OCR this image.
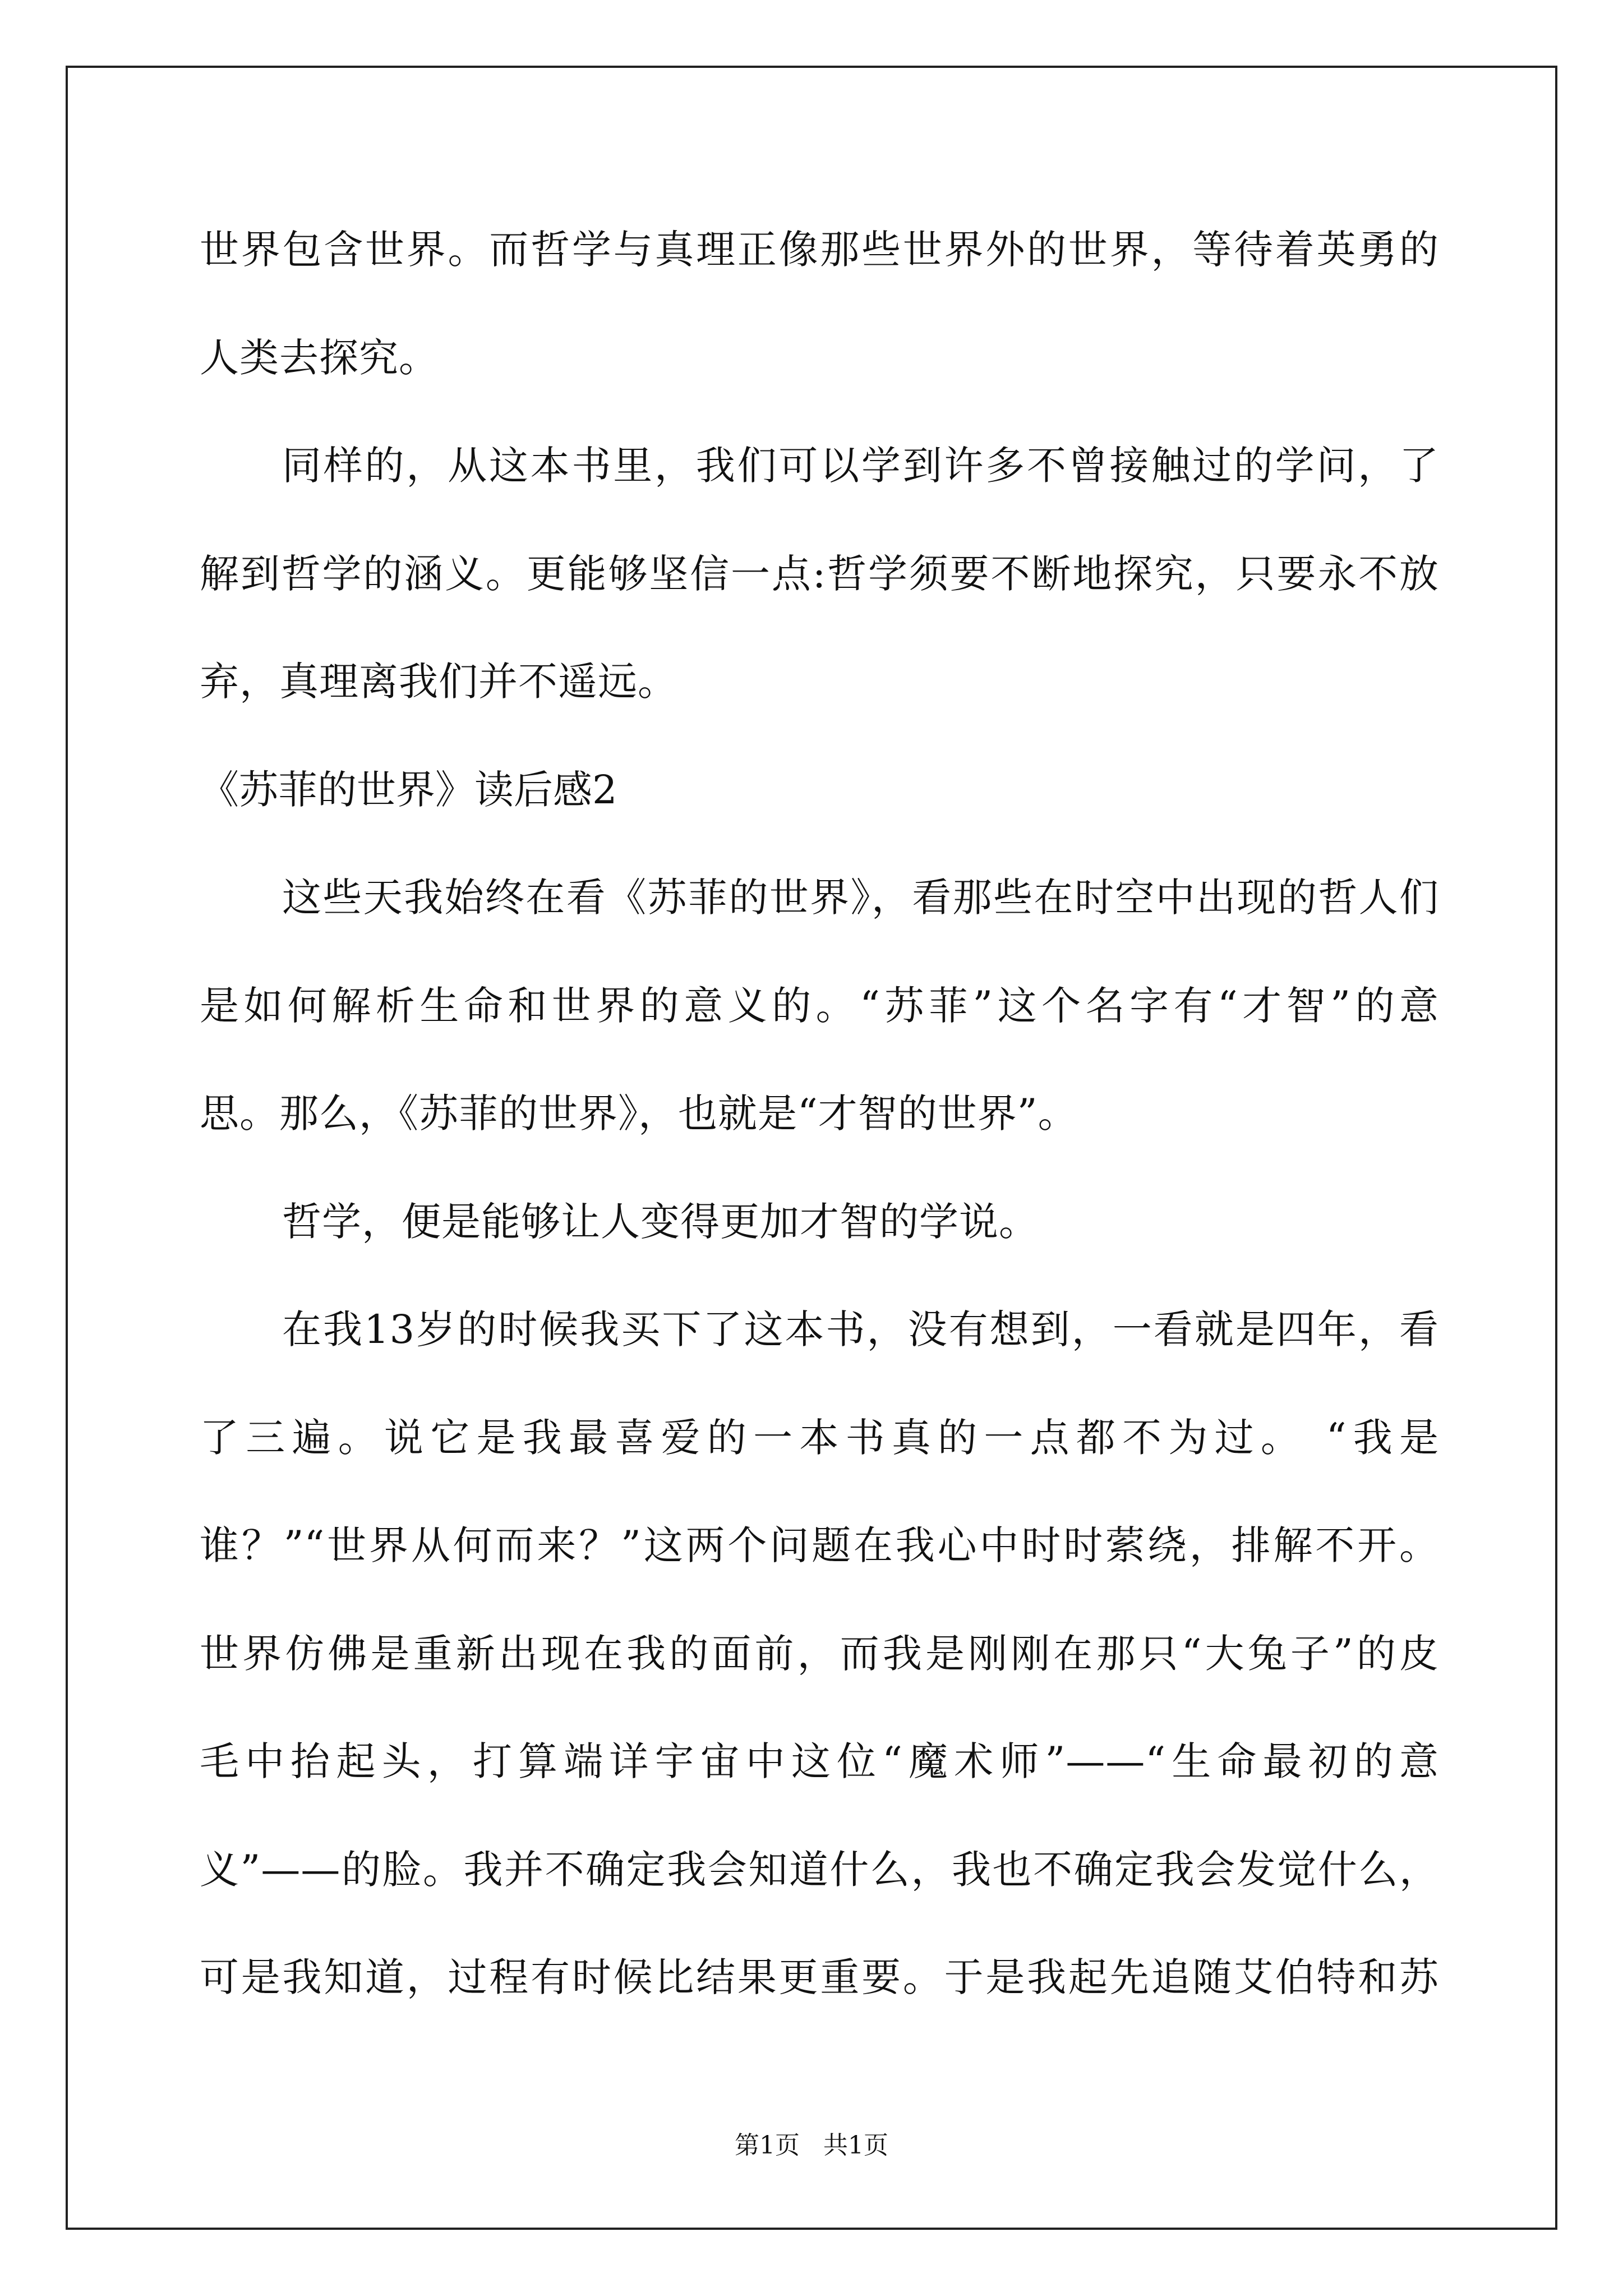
世界包含世界。而哲学与真理正像那些世界外的世界，等待着英勇的
人类去探究。
同样的，从这本书里，我们可以学到许多不曾接触过的学问，了
解到哲学的涵义。更能够坚信一点:哲学须要不断地探究，只要永不放
弃，真理离我们并不遥远。
《苏菲的世界》读后感2
这些天我始终在看《苏菲的世界》，看那些在时空中出现的哲人们
是如何解析生命和世界的意义的。“苏菲”这个名字有“才智”的意
思。那么，《苏菲的世界》，也就是“才智的世界”。
哲学，便是能够让人变得更加才智的学说。
在我13岁的时候我买下了这本书，没有想到，一看就是四年，看
了三遍。说它是我最喜爱的一本书真的一点都不为过。 “我是
谁？”“世界从何而来？”这两个问题在我心中时时萦绕，排解不开。
世界仿佛是重新出现在我的面前，而我是刚刚在那只“大兔子”的皮
毛中抬起头，打算端详宇宙中这位“魔术师”——“生命最初的意
义”——的脸。我并不确定我会知道什么，我也不确定我会发觉什么，
可是我知道，过程有时候比结果更重要。于是我起先追随艾伯特和苏
第1页   共1页
